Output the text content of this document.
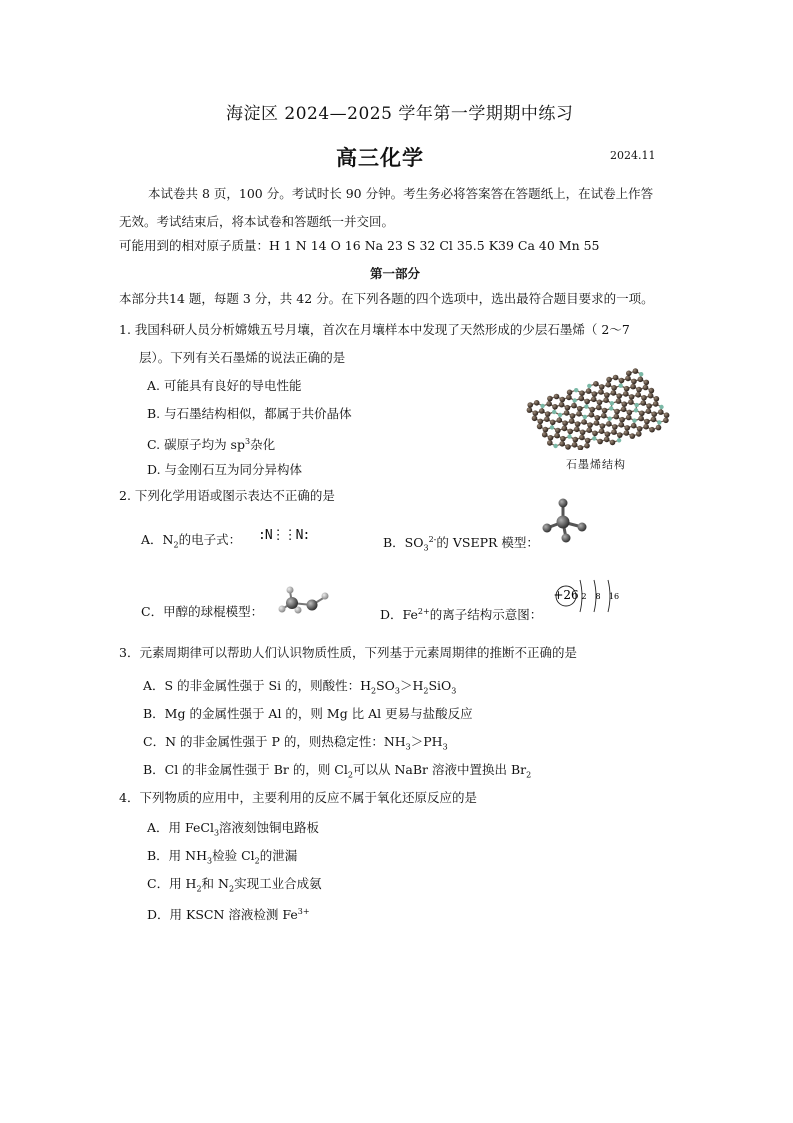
海淀区 2024—2025 学年第一学期期中练习
高三化学	2024.11
本试卷共 8 页，100 分。考试时长 90 分钟。考生务必将答案答在答题纸上，在试卷上作答
无效。考试结束后，将本试卷和答题纸一并交回。
可能用到的相对原子质量：H 1 N 14 O 16 Na 23 S 32 Cl 35.5 K39 Ca 40 Mn 55
第一部分
本部分共14 题，每题 3 分，共 42 分。在下列各题的四个选项中，选出最符合题目要求的一项。
1. 我国科研人员分析嫦娥五号月壤，首次在月壤样本中发现了天然形成的少层石墨烯（ 2～7
层）。下列有关石墨烯的说法正确的是
A. 可能具有良好的导电性能
B. 与石墨结构相似，都属于共价晶体
C. 碳原子均为 $sp^3$杂化
D. 与金刚石互为同分异构体	石墨烯结构
2. 下列化学用语或图示表达不正确的是
A．$N_2$的电子式： :N⋮⋮N:	B．$SO_3^{2-}$的 VSEPR 模型：
C．甲醇的球棍模型：	D．$Fe^{2+}$的离子结构示意图：
+26 2 8 16
3．元素周期律可以帮助人们认识物质性质，下列基于元素周期律的推断不正确的是
A．S 的非金属性强于 Si 的，则酸性：$H_2SO_3>H_2SiO_3$
B．Mg 的金属性强于 Al 的，则 Mg 比 Al 更易与盐酸反应
C．N 的非金属性强于 P 的，则热稳定性：$NH_3>PH_3$
B．Cl 的非金属性强于 Br 的，则 $Cl_2$可以从 NaBr 溶液中置换出 $Br_2$
4．下列物质的应用中，主要利用的反应不属于氧化还原反应的是
A．用 FeCl$_3$溶液刻蚀铜电路板
B．用 $NH_3$检验 $Cl_2$的泄漏
C．用 $H_2$和 $N_2$实现工业合成氨
D．用 KSCN 溶液检测 $Fe^{3+}$
